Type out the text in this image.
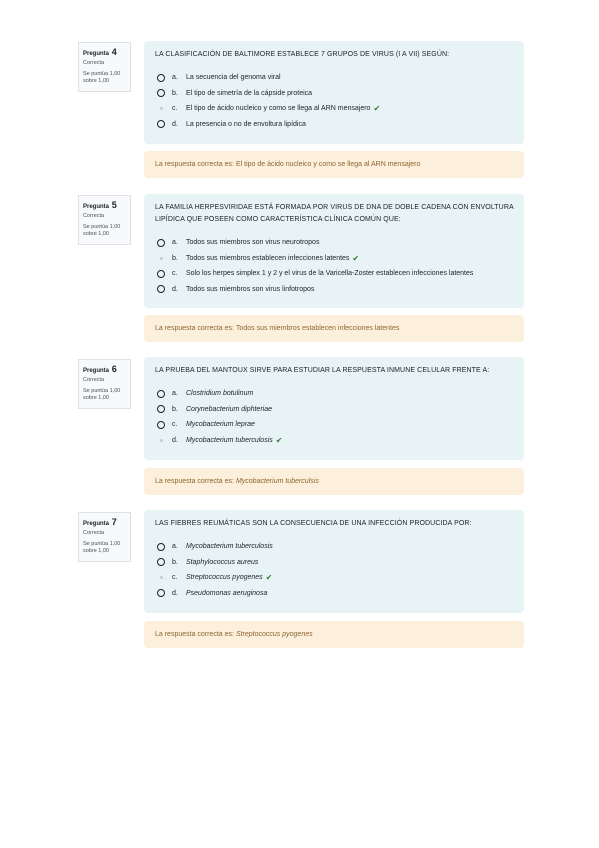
Pregunta 4
Correcta
Se puntúa 1,00
sobre 1,00
LA CLASIFICACIÓN DE BALTIMORE ESTABLECE 7 GRUPOS DE VIRUS (I A VII) SEGÚN:
a.	La secuencia del genoma viral
b.	El tipo de simetría de la cápside proteica
c.	El tipo de ácido nucleico y como se llega al ARN mensajero ✔
d.	La presencia o no de envoltura lipídica
La respuesta correcta es:
El tipo de ácido nucleico y como se llega al ARN mensajero
Pregunta 5
Correcta
Se puntúa 1,00
sobre 1,00
LA FAMILIA HERPESVIRIDAE ESTÁ FORMADA POR VIRUS DE DNA DE DOBLE CADENA CON ENVOLTURA LIPÍDICA QUE POSEEN COMO CARACTERÍSTICA CLÍNICA COMÚN QUE:
a.	Todos sus miembros son virus neurotropos
b.	Todos sus miembros establecen infecciones latentes ✔
c.	Solo los herpes simplex 1 y 2 y el virus de la Varicella-Zoster establecen infecciones latentes
d.	Todos sus miembros son virus linfotropos
La respuesta correcta es:
Todos sus miembros establecen infecciones latentes
Pregunta 6
Correcta
Se puntúa 1,00
sobre 1,00
LA PRUEBA DEL MANTOUX SIRVE PARA ESTUDIAR LA RESPUESTA INMUNE CELULAR FRENTE A:
a.	Clostridium botulinum
b.	Corynebacterium diphteriae
c.	Mycobacterium leprae
d.	Mycobacterium tuberculosis ✔
La respuesta correcta es:
Mycobacterium tuberculsis
Pregunta 7
Correcta
Se puntúa 1,00
sobre 1,00
LAS FIEBRES REUMÁTICAS SON LA CONSECUENCIA DE UNA INFECCIÓN PRODUCIDA POR:
a.	Mycobacterium tuberculosis
b.	Staphylococcus aureus
c.	Streptococcus pyogenes ✔
d.	Pseudomonas aeruginosa
La respuesta correcta es:
Streptococcus pyogenes
